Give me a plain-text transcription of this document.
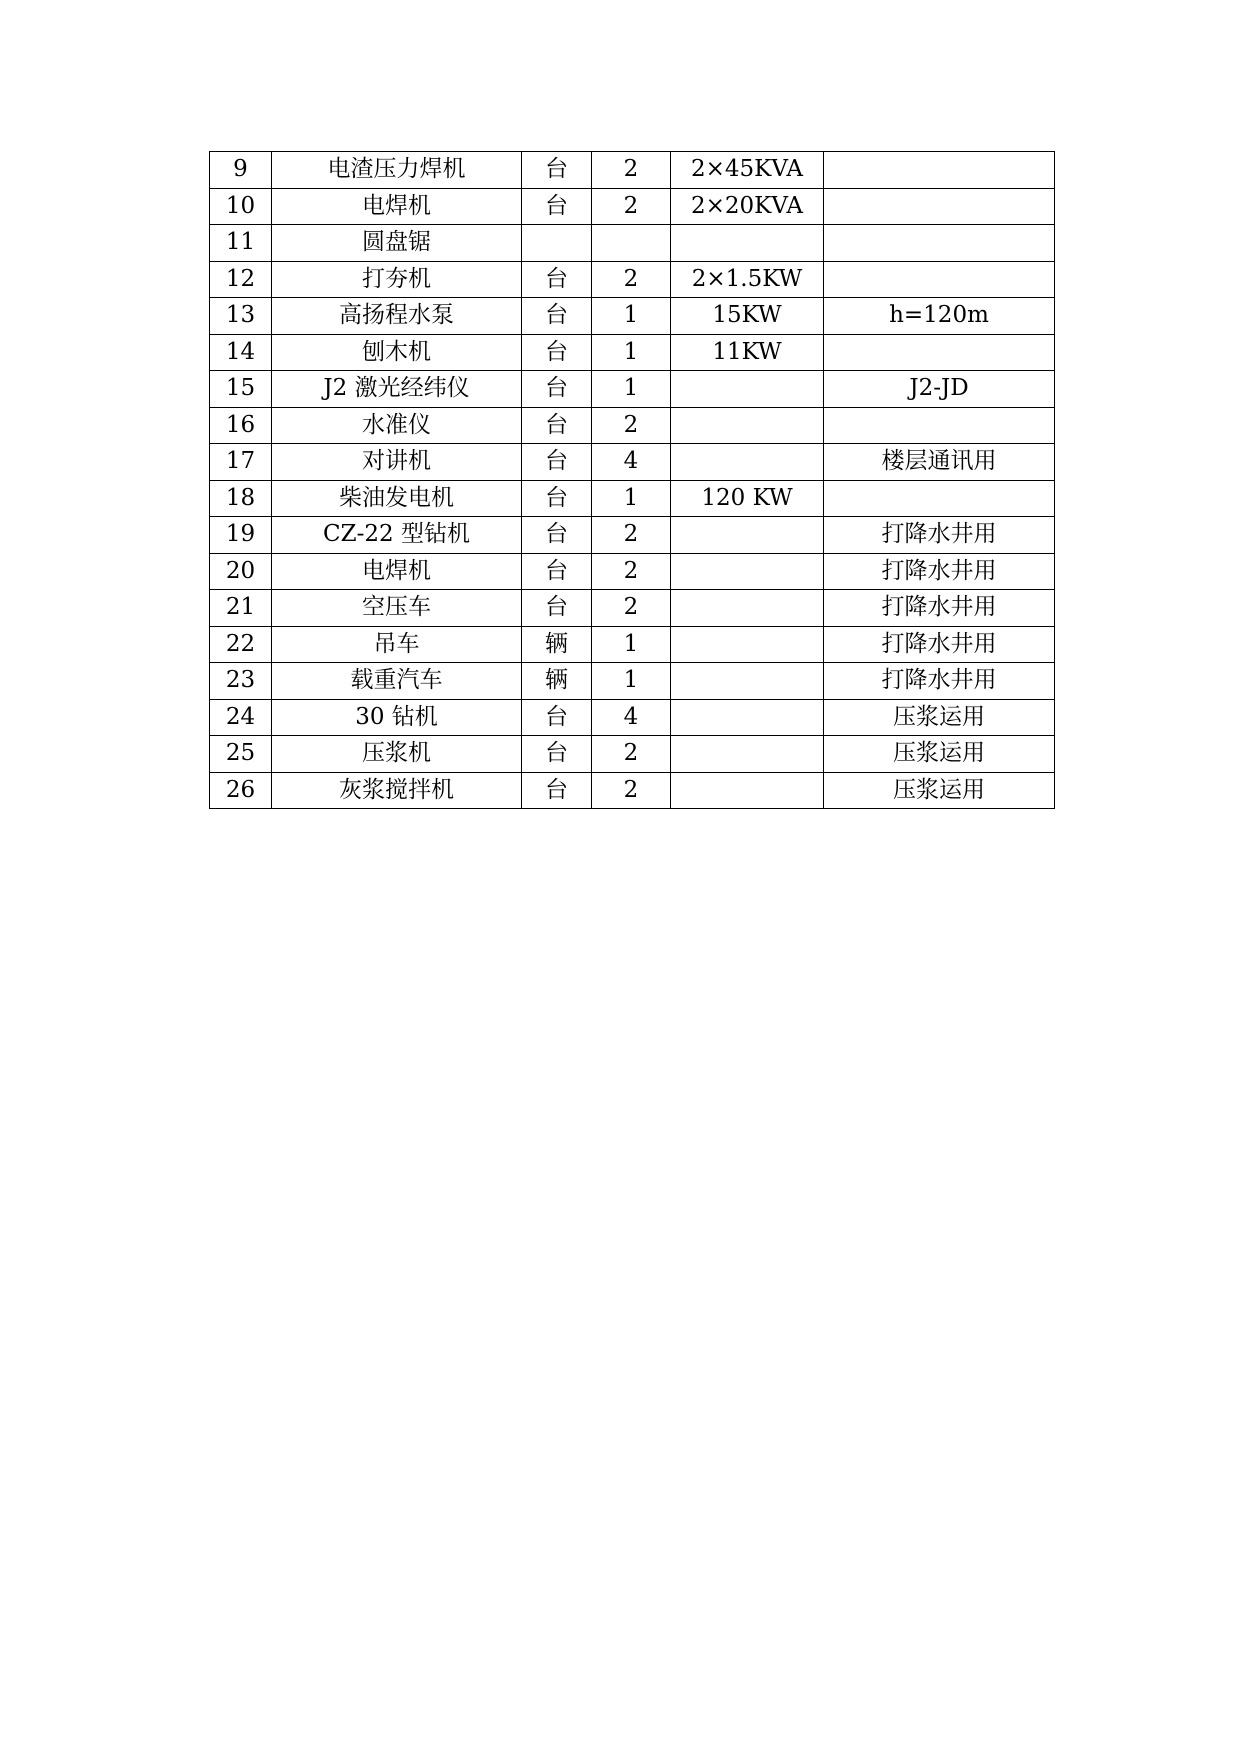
9	电渣压力焊机	台	2	2×45KVA	
10	电焊机	台	2	2×20KVA	
11	圆盘锯				
12	打夯机	台	2	2×1.5KW	
13	高扬程水泵	台	1	15KW	h=120m
14	刨木机	台	1	11KW	
15	J2 激光经纬仪	台	1		J2-JD
16	水准仪	台	2		
17	对讲机	台	4		楼层通讯用
18	柴油发电机	台	1	120 KW	
19	CZ-22 型钻机	台	2		打降水井用
20	电焊机	台	2		打降水井用
21	空压车	台	2		打降水井用
22	吊车	辆	1		打降水井用
23	载重汽车	辆	1		打降水井用
24	30 钻机	台	4		压浆运用
25	压浆机	台	2		压浆运用
26	灰浆搅拌机	台	2		压浆运用
